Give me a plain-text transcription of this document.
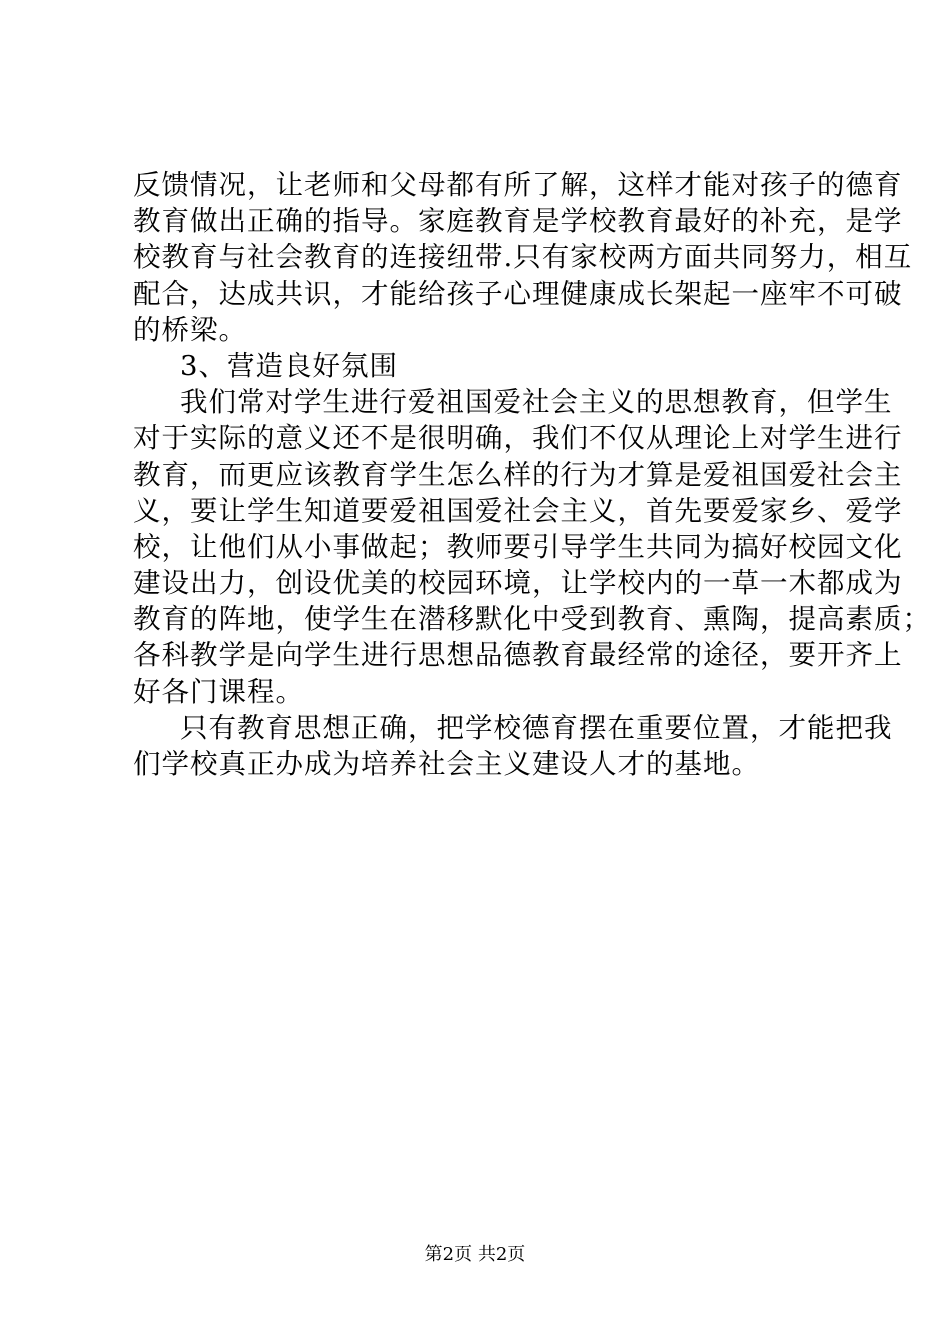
反馈情况，让老师和父母都有所了解，这样才能对孩子的德育
教育做出正确的指导。家庭教育是学校教育最好的补充，是学
校教育与社会教育的连接纽带.只有家校两方面共同努力，相互
配合，达成共识，才能给孩子心理健康成长架起一座牢不可破
的桥梁。
3、营造良好氛围
我们常对学生进行爱祖国爱社会主义的思想教育，但学生
对于实际的意义还不是很明确，我们不仅从理论上对学生进行
教育，而更应该教育学生怎么样的行为才算是爱祖国爱社会主
义，要让学生知道要爱祖国爱社会主义，首先要爱家乡、爱学
校，让他们从小事做起；教师要引导学生共同为搞好校园文化
建设出力，创设优美的校园环境，让学校内的一草一木都成为
教育的阵地，使学生在潜移默化中受到教育、熏陶，提高素质；
各科教学是向学生进行思想品德教育最经常的途径，要开齐上
好各门课程。
只有教育思想正确，把学校德育摆在重要位置，才能把我
们学校真正办成为培养社会主义建设人才的基地。
第2页 共2页
